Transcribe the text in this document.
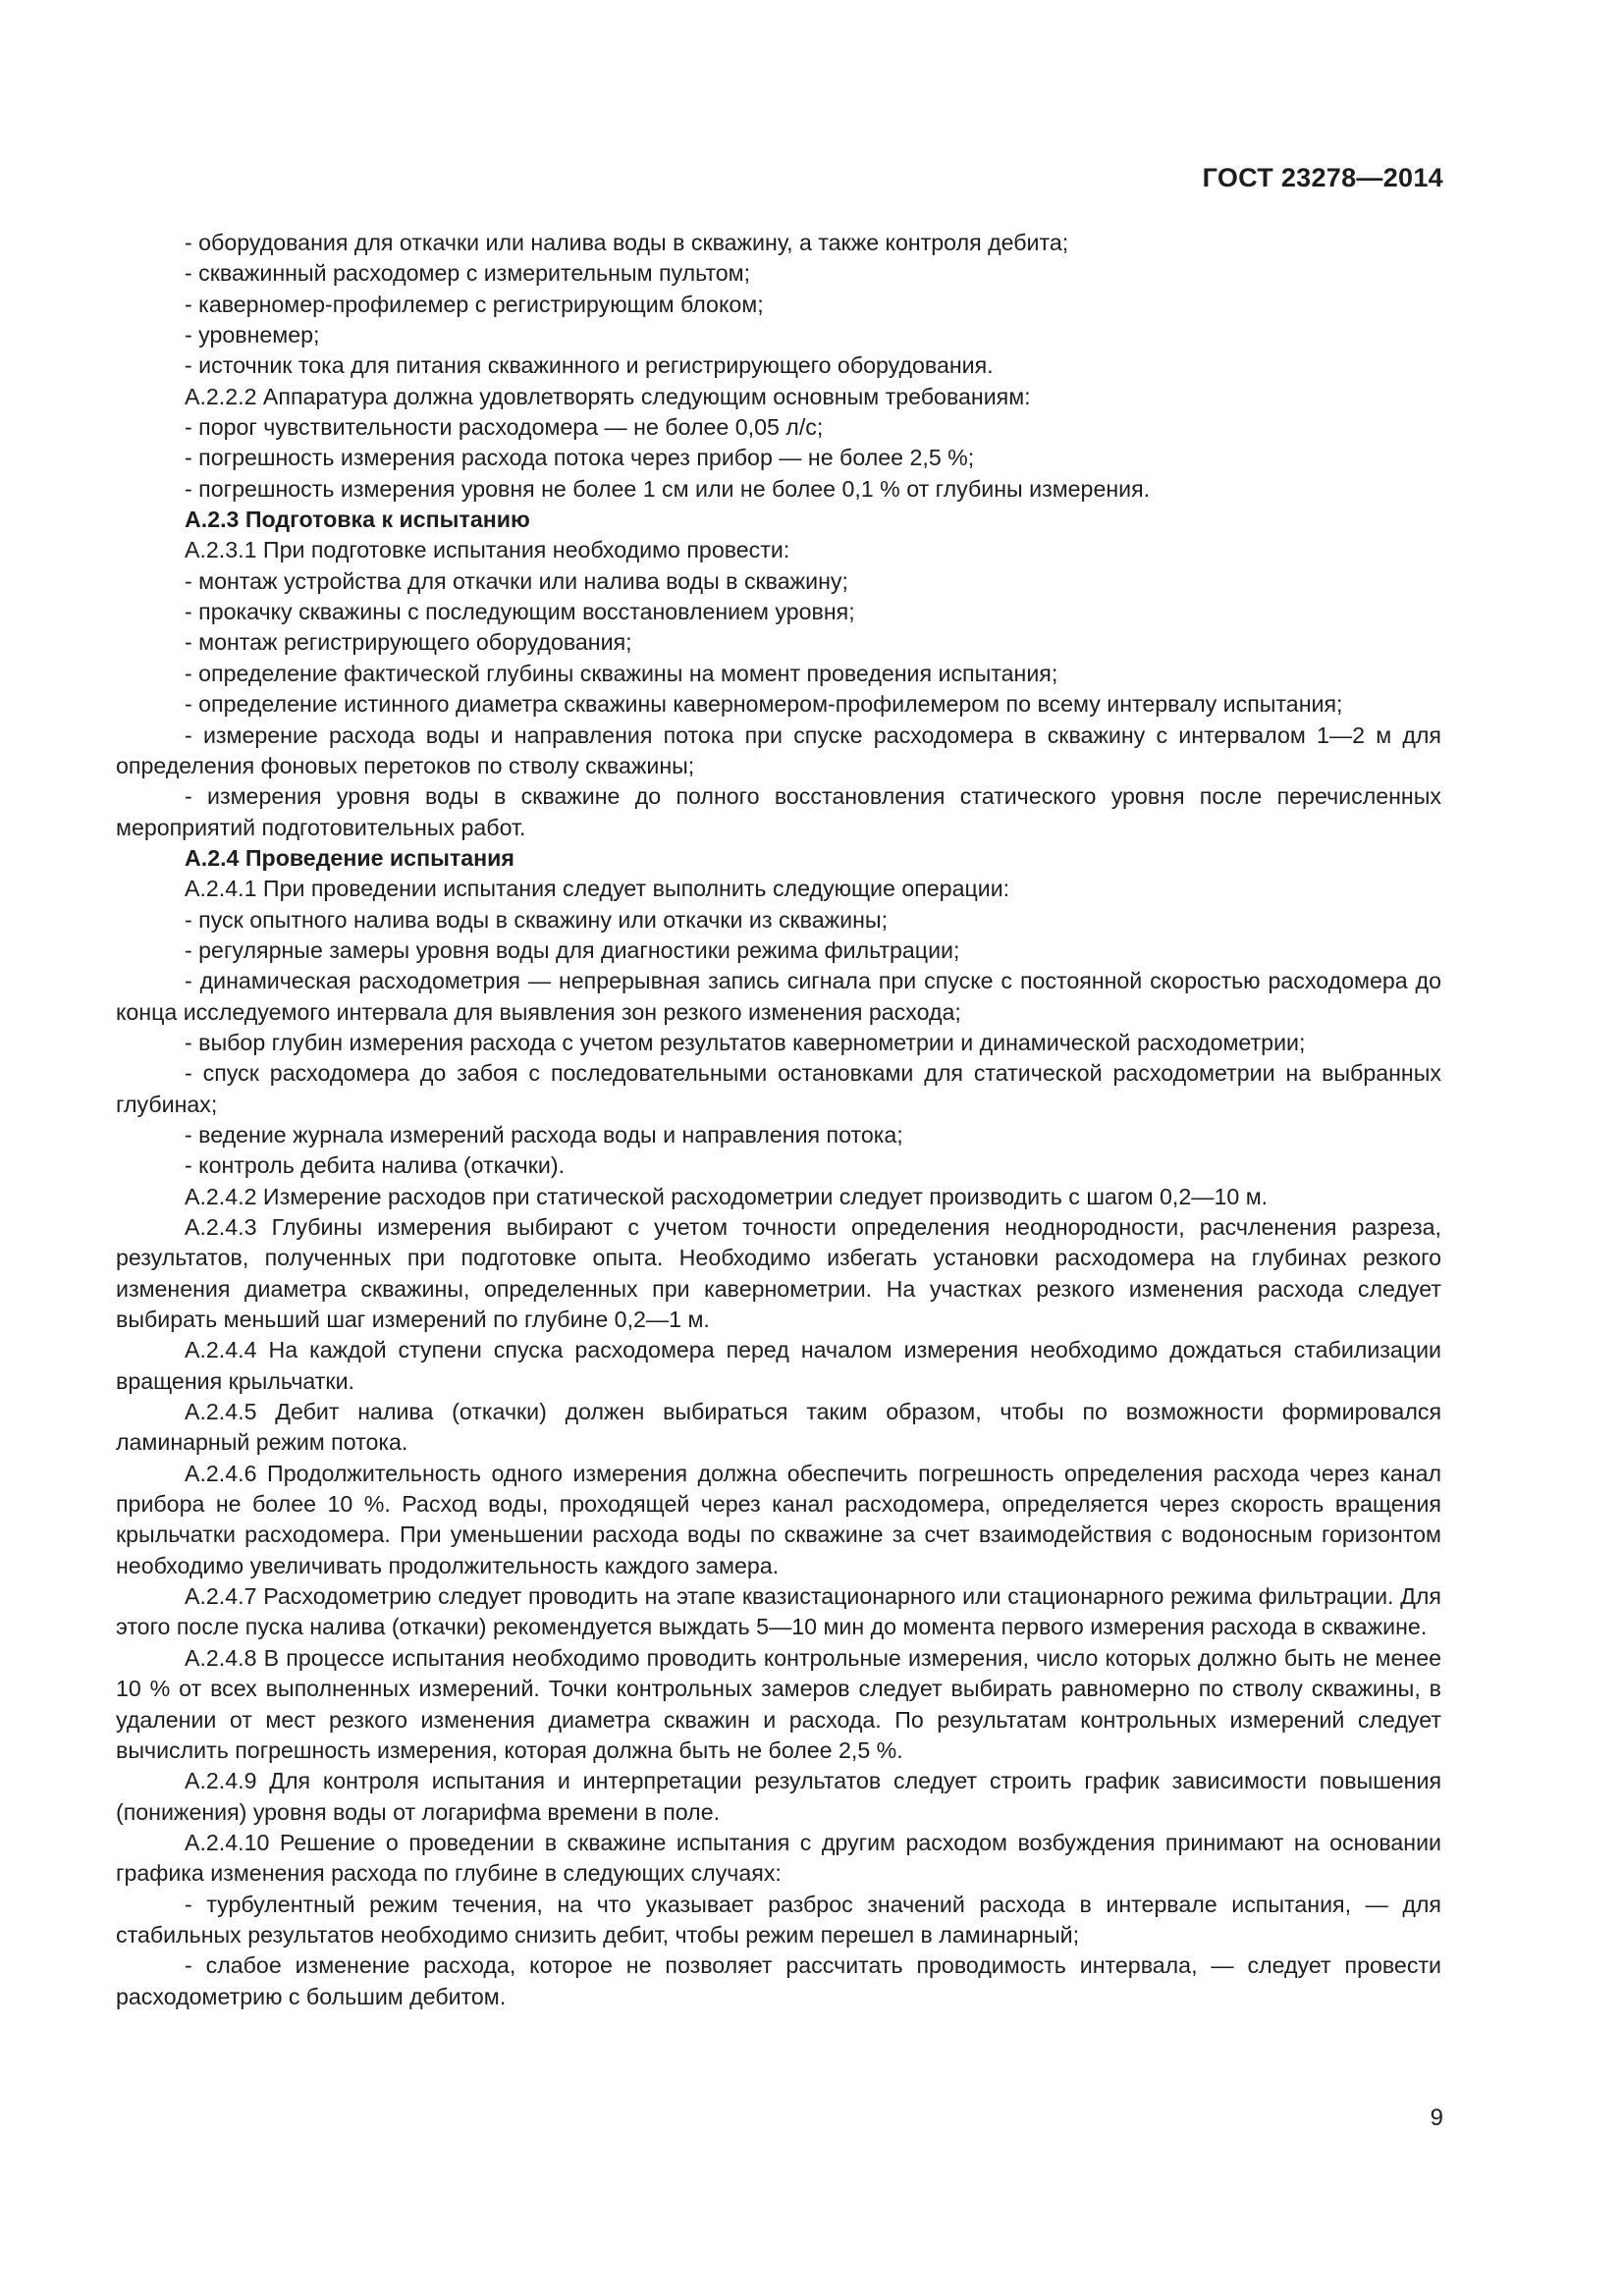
ГОСТ 23278—2014

- оборудования для откачки или налива воды в скважину, а также контроля дебита;

- скважинный расходомер с измерительным пультом;

- каверномер-профилемер с регистрирующим блоком;

- уровнемер;

- источник тока для питания скважинного и регистрирующего оборудования.

А.2.2.2 Аппаратура должна удовлетворять следующим основным требованиям:

- порог чувствительности расходомера — не более 0,05 л/с;

- погрешность измерения расхода потока через прибор — не более 2,5 %;

- погрешность измерения уровня не более 1 см или не более 0,1 % от глубины измерения.

А.2.3 Подготовка к испытанию

А.2.3.1 При подготовке испытания необходимо провести:

- монтаж устройства для откачки или налива воды в скважину;

- прокачку скважины с последующим восстановлением уровня;

- монтаж регистрирующего оборудования;

- определение фактической глубины скважины на момент проведения испытания;

- определение истинного диаметра скважины каверномером-профилемером по всему интервалу испытания;

- измерение расхода воды и направления потока при спуске расходомера в скважину с интервалом 1—2 м для определения фоновых перетоков по стволу скважины;

- измерения уровня воды в скважине до полного восстановления статического уровня после перечисленных мероприятий подготовительных работ.

А.2.4 Проведение испытания

А.2.4.1 При проведении испытания следует выполнить следующие операции:

- пуск опытного налива воды в скважину или откачки из скважины;

- регулярные замеры уровня воды для диагностики режима фильтрации;

- динамическая расходометрия — непрерывная запись сигнала при спуске с постоянной скоростью расходомера до конца исследуемого интервала для выявления зон резкого изменения расхода;

- выбор глубин измерения расхода с учетом результатов кавернометрии и динамической расходометрии;

- спуск расходомера до забоя с последовательными остановками для статической расходометрии на выбранных глубинах;

- ведение журнала измерений расхода воды и направления потока;

- контроль дебита налива (откачки).

А.2.4.2 Измерение расходов при статической расходометрии следует производить с шагом 0,2—10 м.

А.2.4.3 Глубины измерения выбирают с учетом точности определения неоднородности, расчленения разреза, результатов, полученных при подготовке опыта. Необходимо избегать установки расходомера на глубинах резкого изменения диаметра скважины, определенных при кавернометрии. На участках резкого изменения расхода следует выбирать меньший шаг измерений по глубине 0,2—1 м.

А.2.4.4 На каждой ступени спуска расходомера перед началом измерения необходимо дождаться стабилизации вращения крыльчатки.

А.2.4.5 Дебит налива (откачки) должен выбираться таким образом, чтобы по возможности формировался ламинарный режим потока.

А.2.4.6 Продолжительность одного измерения должна обеспечить погрешность определения расхода через канал прибора не более 10 %. Расход воды, проходящей через канал расходомера, определяется через скорость вращения крыльчатки расходомера. При уменьшении расхода воды по скважине за счет взаимодействия с водоносным горизонтом необходимо увеличивать продолжительность каждого замера.

А.2.4.7 Расходометрию следует проводить на этапе квазистационарного или стационарного режима фильтрации. Для этого после пуска налива (откачки) рекомендуется выждать 5—10 мин до момента первого измерения расхода в скважине.

А.2.4.8 В процессе испытания необходимо проводить контрольные измерения, число которых должно быть не менее 10 % от всех выполненных измерений. Точки контрольных замеров следует выбирать равномерно по стволу скважины, в удалении от мест резкого изменения диаметра скважин и расхода. По результатам контрольных измерений следует вычислить погрешность измерения, которая должна быть не более 2,5 %.

А.2.4.9 Для контроля испытания и интерпретации результатов следует строить график зависимости повышения (понижения) уровня воды от логарифма времени в поле.

А.2.4.10 Решение о проведении в скважине испытания с другим расходом возбуждения принимают на основании графика изменения расхода по глубине в следующих случаях:

- турбулентный режим течения, на что указывает разброс значений расхода в интервале испытания, — для стабильных результатов необходимо снизить дебит, чтобы режим перешел в ламинарный;

- слабое изменение расхода, которое не позволяет рассчитать проводимость интервала, — следует провести расходометрию с большим дебитом.

9
